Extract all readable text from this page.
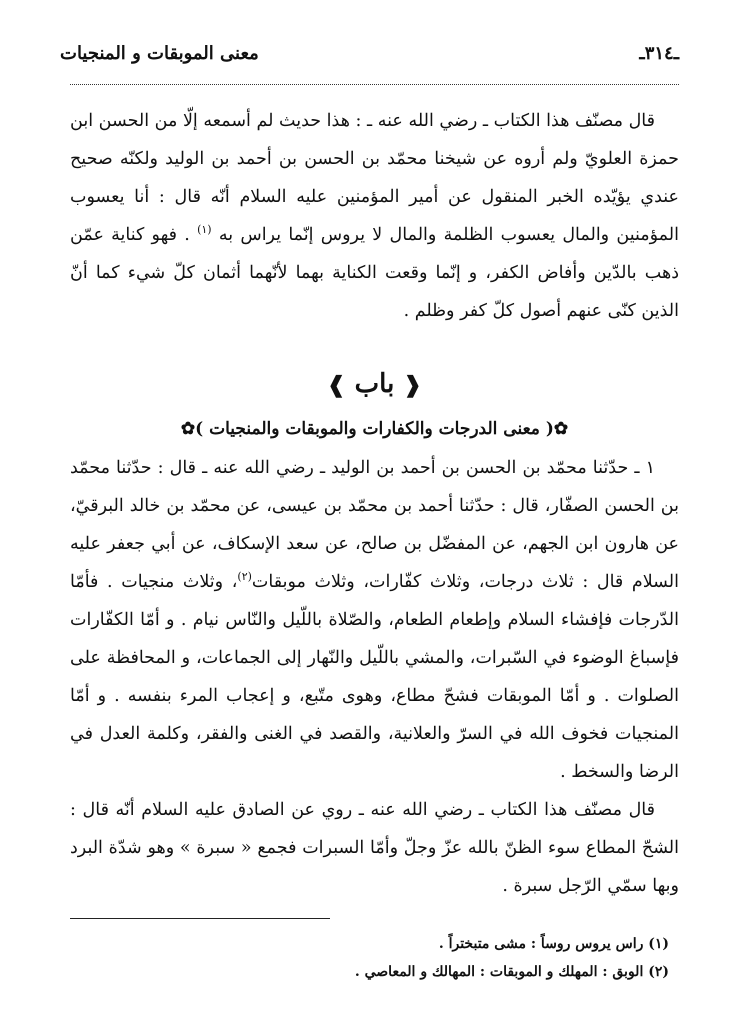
ـ٣١٤ـ
معنى الموبقات و المنجيات

قال مصنّف هذا الكتاب ـ رضي الله عنه ـ : هذا حديث لم أسمعه إلّا من الحسن ابن حمزة العلويّ ولم أروه عن شيخنا محمّد بن الحسن بن أحمد بن الوليد ولكنّه صحيح عندي يؤيّده الخبر المنقول عن أمير المؤمنين عليه السلام أنّه قال : أنا يعسوب المؤمنين والمال يعسوب الظلمة والمال لا يروس إنّما يراس به $^{(١)}$ . فهو كناية عمّن ذهب بالدّين وأفاض الكفر، و إنّما وقعت الكناية بهما لأنّهما أثمان كلّ شيء كما أنّ الذين كنّى عنهم أصول كلّ كفر وظلم .

❰ باب ❱
✿( معنى الدرجات والكفارات والموبقات والمنجيات )✿

١ ـ حدّثنا محمّد بن الحسن بن أحمد بن الوليد ـ رضي الله عنه ـ قال : حدّثنا محمّد بن الحسن الصفّار، قال : حدّثنا أحمد بن محمّد بن عيسى، عن محمّد بن خالد البرقيّ، عن هارون ابن الجهم، عن المفضّل بن صالح، عن سعد الإسكاف، عن أبي جعفر عليه السلام قال : ثلاث درجات، وثلاث كفّارات، وثلاث موبقات$^{(٢)}$، وثلاث منجيات . فأمّا الدّرجات فإفشاء السلام وإطعام الطعام، والصّلاة باللّيل والنّاس نيام . و أمّا الكفّارات فإسباغ الوضوء في السّبرات، والمشي باللّيل والنّهار إلى الجماعات، و المحافظة على الصلوات . و أمّا الموبقات فشحّ مطاع، وهوى متّبع، و إعجاب المرء بنفسه . و أمّا المنجيات فخوف الله في السرّ والعلانية، والقصد في الغنى والفقر، وكلمة العدل في الرضا والسخط .

قال مصنّف هذا الكتاب ـ رضي الله عنه ـ روي عن الصادق عليه السلام أنّه قال : الشحّ المطاع سوء الظنّ بالله عزّ وجلّ وأمّا السبرات فجمع « سبرة » وهو شدّة البرد وبها سمّي الرّجل سبرة .

(١) راس يروس روساً : مشى متبختراً .
(٢) الوبق : المهلك و الموبقات : المهالك و المعاصي .
